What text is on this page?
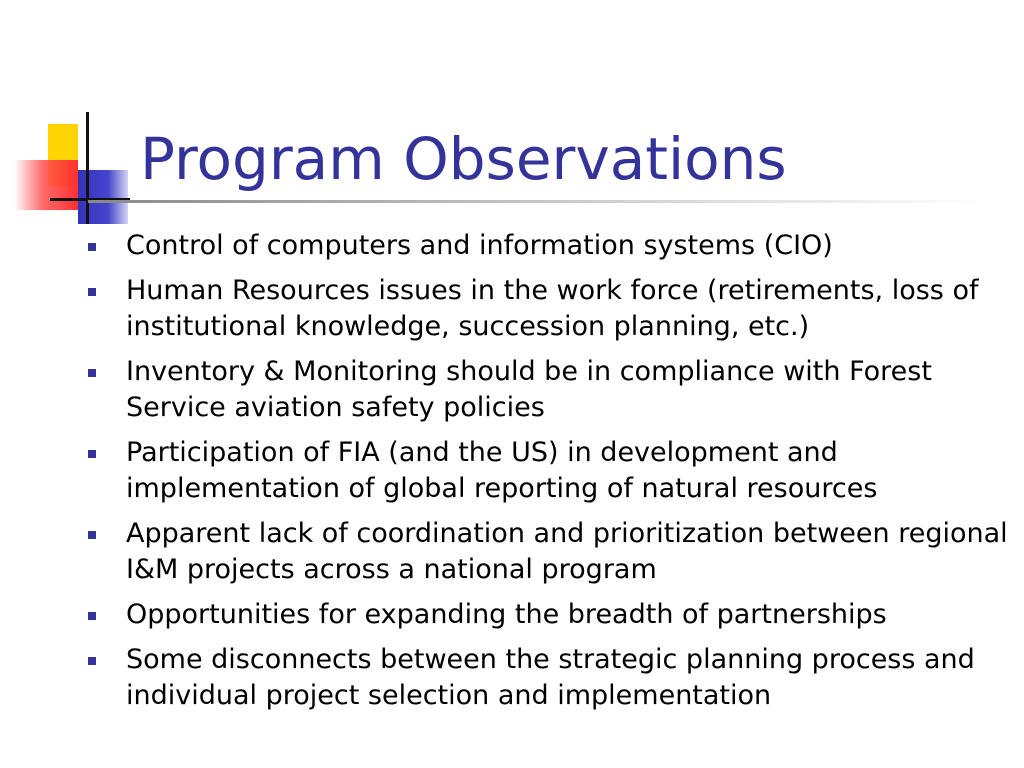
Program Observations
Control of computers and information systems (CIO)
Human Resources issues in the work force (retirements, loss of institutional knowledge, succession planning, etc.)
Inventory & Monitoring should be in compliance with Forest Service aviation safety policies
Participation of FIA (and the US) in development and implementation of global reporting of natural resources
Apparent lack of coordination and prioritization between regional I&M projects across a national program
Opportunities for expanding the breadth of partnerships
Some disconnects between the strategic planning process and individual project selection and implementation
